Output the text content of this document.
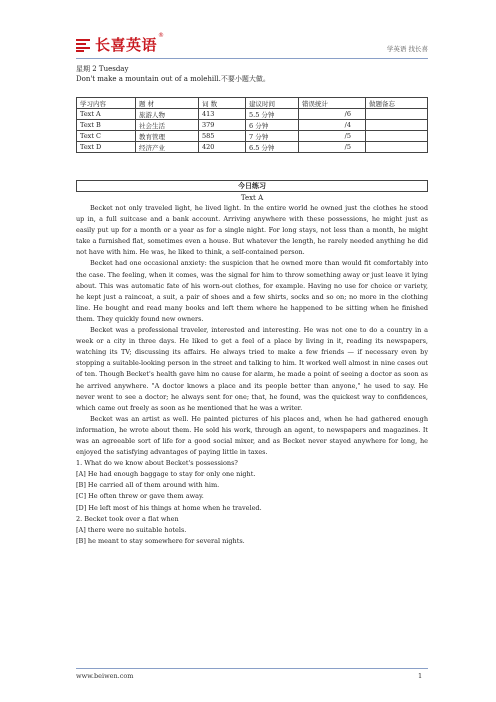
长喜英语
®
学英语 找长喜
星期 2 Tuesday
Don't make a mountain out of a molehill.不要小题大做。
学习内容	题 材	词 数	建议时间	错误统计	做题备忘
Text A	旅游人物	413	5.5 分钟	/6	
Text B	社会生活	379	6 分钟	/4	
Text C	教育管理	585	7 分钟	/5	
Text D	经济产业	420	6.5 分钟	/5	
今日练习
Text A

Becket not only traveled light, he lived light. In the entire world he owned just the clothes he stood up in, a full suitcase and a bank account. Arriving anywhere with these possessions, he might just as easily put up for a month or a year as for a single night. For long stays, not less than a month, he might take a furnished flat, sometimes even a house. But whatever the length, he rarely needed anything he did not have with him. He was, he liked to think, a self-contained person.

Becket had one occasional anxiety: the suspicion that he owned more than would fit comfortably into the case. The feeling, when it comes, was the signal for him to throw something away or just leave it lying about. This was automatic fate of his worn-out clothes, for example. Having no use for choice or variety, he kept just a raincoat, a suit, a pair of shoes and a few shirts, socks and so on; no more in the clothing line. He bought and read many books and left them where he happened to be sitting when he finished them. They quickly found new owners.

Becket was a professional traveler, interested and interesting. He was not one to do a country in a week or a city in three days. He liked to get a feel of a place by living in it, reading its newspapers, watching its TV; discussing its affairs. He always tried to make a few friends — if necessary even by stopping a suitable-looking person in the street and talking to him. It worked well almost in nine cases out of ten. Though Becket's health gave him no cause for alarm, he made a point of seeing a doctor as soon as he arrived anywhere. "A doctor knows a place and its people better than anyone," he used to say. He never went to see a doctor; he always sent for one; that, he found, was the quickest way to confidences, which came out freely as soon as he mentioned that he was a writer.

Becket was an artist as well. He painted pictures of his places and, when he had gathered enough information, he wrote about them. He sold his work, through an agent, to newspapers and magazines. It was an agreeable sort of life for a good social mixer, and as Becket never stayed anywhere for long, he enjoyed the satisfying advantages of paying little in taxes.

1. What do we know about Becket's possessions?

[A] He had enough baggage to stay for only one night.

[B] He carried all of them around with him.

[C] He often threw or gave them away.

[D] He left most of his things at home when he traveled.

2. Becket took over a flat when

[A] there were no suitable hotels.

[B] he meant to stay somewhere for several nights.

www.beiwen.com	1
